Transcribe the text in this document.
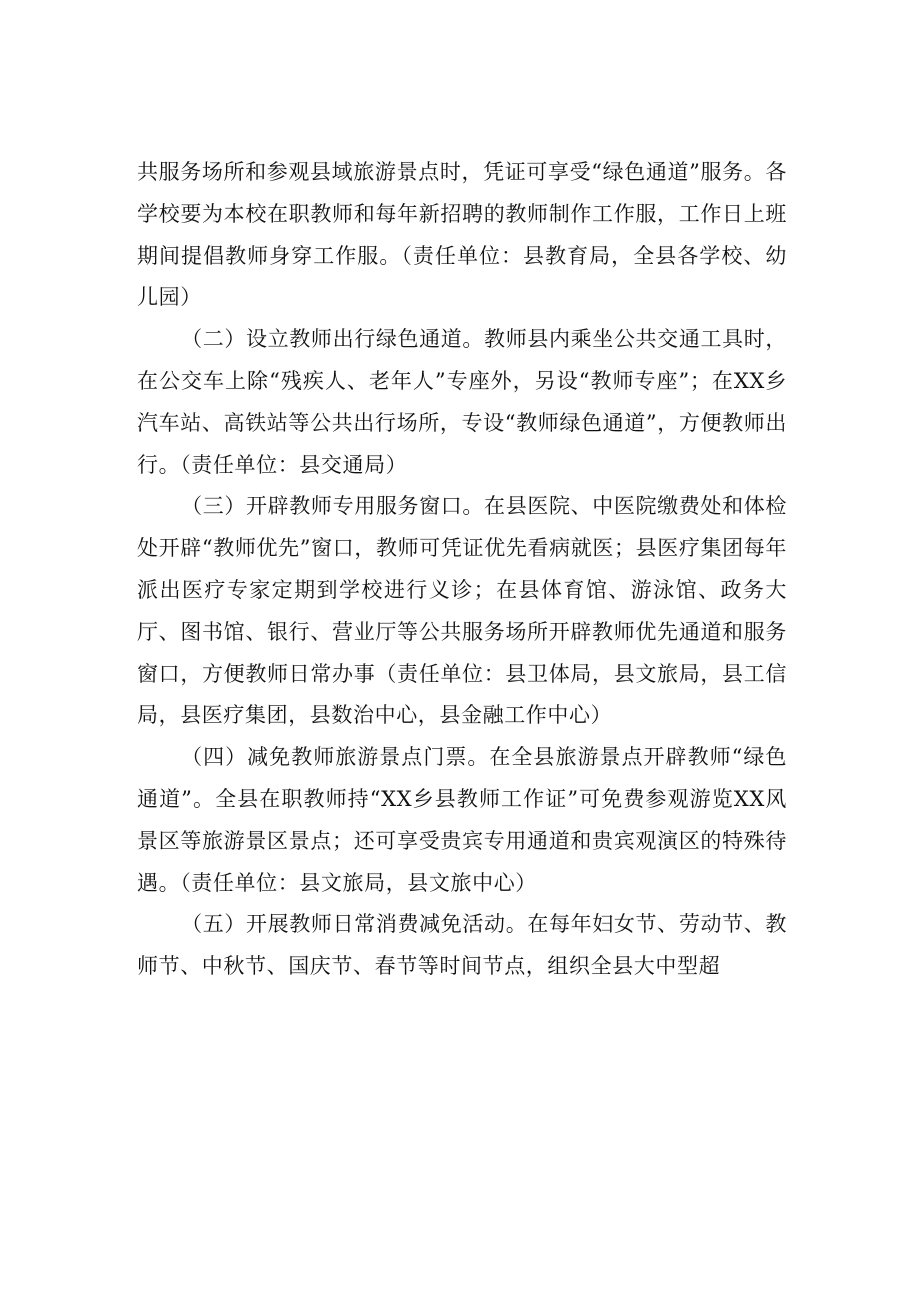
共服务场所和参观县域旅游景点时，凭证可享受“绿色通道”服务。各学校要为本校在职教师和每年新招聘的教师制作工作服，工作日上班期间提倡教师身穿工作服。（责任单位：县教育局，全县各学校、幼儿园）

（二）设立教师出行绿色通道。教师县内乘坐公共交通工具时，在公交车上除“残疾人、老年人”专座外，另设“教师专座”；在XX乡汽车站、高铁站等公共出行场所，专设“教师绿色通道”，方便教师出行。（责任单位：县交通局）

（三）开辟教师专用服务窗口。在县医院、中医院缴费处和体检处开辟“教师优先”窗口，教师可凭证优先看病就医；县医疗集团每年派出医疗专家定期到学校进行义诊；在县体育馆、游泳馆、政务大厅、图书馆、银行、营业厅等公共服务场所开辟教师优先通道和服务窗口，方便教师日常办事（责任单位：县卫体局，县文旅局，县工信局，县医疗集团，县数治中心，县金融工作中心）

（四）减免教师旅游景点门票。在全县旅游景点开辟教师“绿色通道”。全县在职教师持“XX乡县教师工作证”可免费参观游览XX风景区等旅游景区景点；还可享受贵宾专用通道和贵宾观演区的特殊待遇。（责任单位：县文旅局，县文旅中心）

（五）开展教师日常消费减免活动。在每年妇女节、劳动节、教师节、中秋节、国庆节、春节等时间节点，组织全县大中型超
